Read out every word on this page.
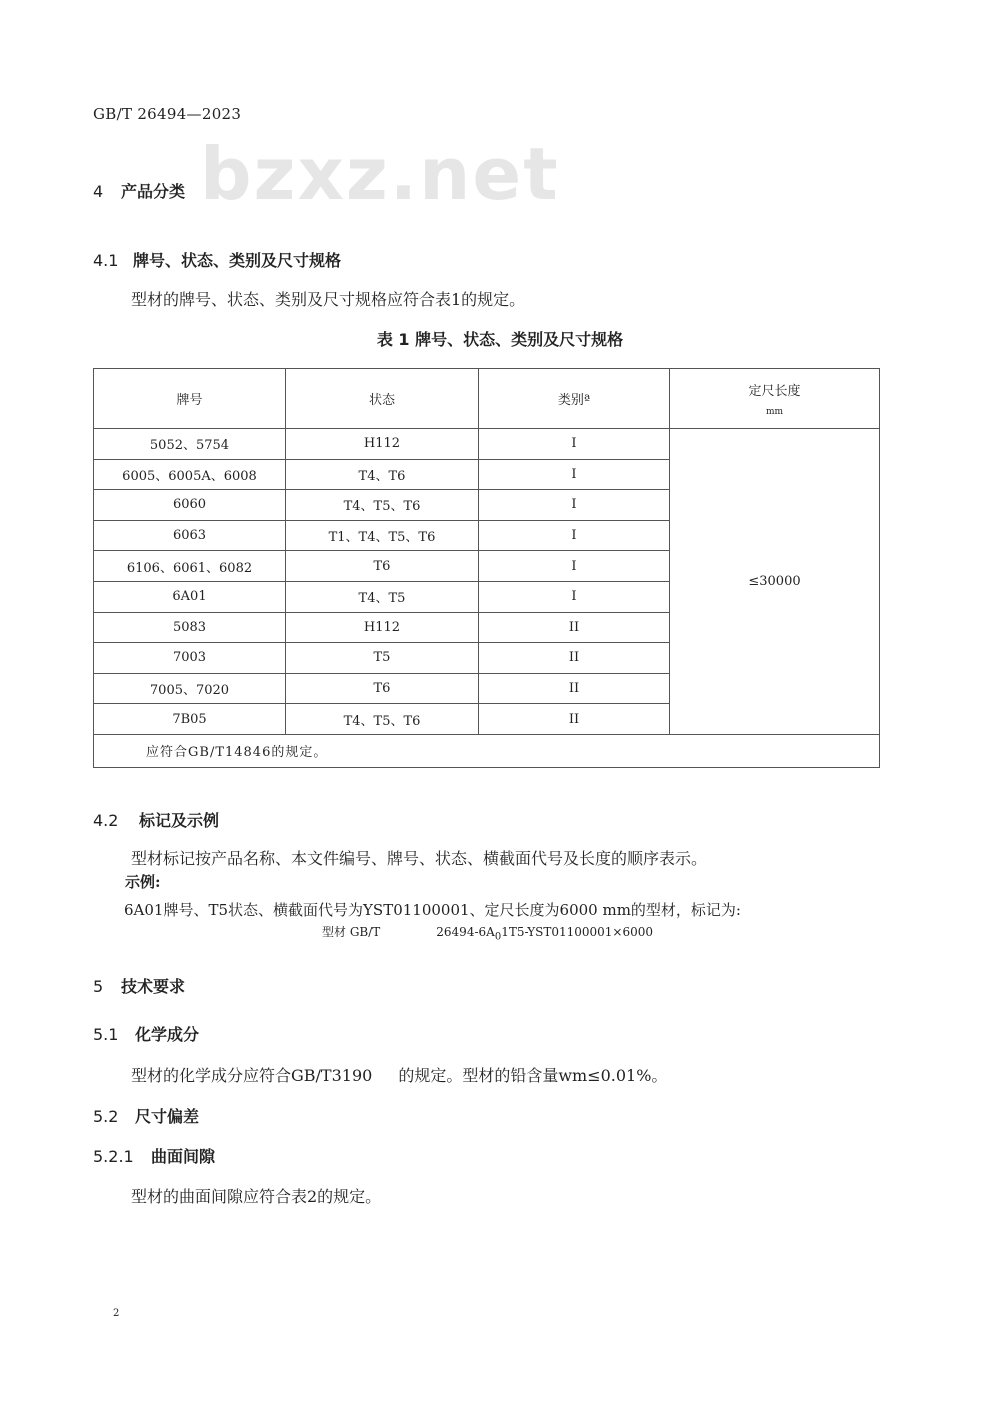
GB/T 26494—2023
bzxz.net
4 产品分类
4.1 牌号、状态、类别及尺寸规格
型材的牌号、状态、类别及尺寸规格应符合表1的规定。
表 1 牌号、状态、类别及尺寸规格
牌号	状态	类别ª	定尺长度
mm

5052、5754	H112	I	≤30000
6005、6005A、6008	T4、T6	I	
6060	T4、T5、T6	I	
6063	T1、T4、T5、T6	I	
6106、6061、6082	T6	I	
6A01	T4、T5	I	
5083	H112	II	
7003	T5	II	
7005、7020	T6	II	
7B05	T4、T5、T6	II	
应符合GB/T14846的规定。			
4.2 标记及示例
型材标记按产品名称、本文件编号、牌号、状态、横截面代号及长度的顺序表示。
示例:
6A01牌号、T5状态、横截面代号为YST01100001、定尺长度为6000 mm的型材，标记为:
型材 GB/T	$26494-6A_01T5-YST01100001\times 6000$
5 技术要求
5.1 化学成分
型材的化学成分应符合GB/T3190 的规定。型材的铅含量wm≤0.01%。
5.2 尺寸偏差
5.2.1 曲面间隙
型材的曲面间隙应符合表2的规定。
2
